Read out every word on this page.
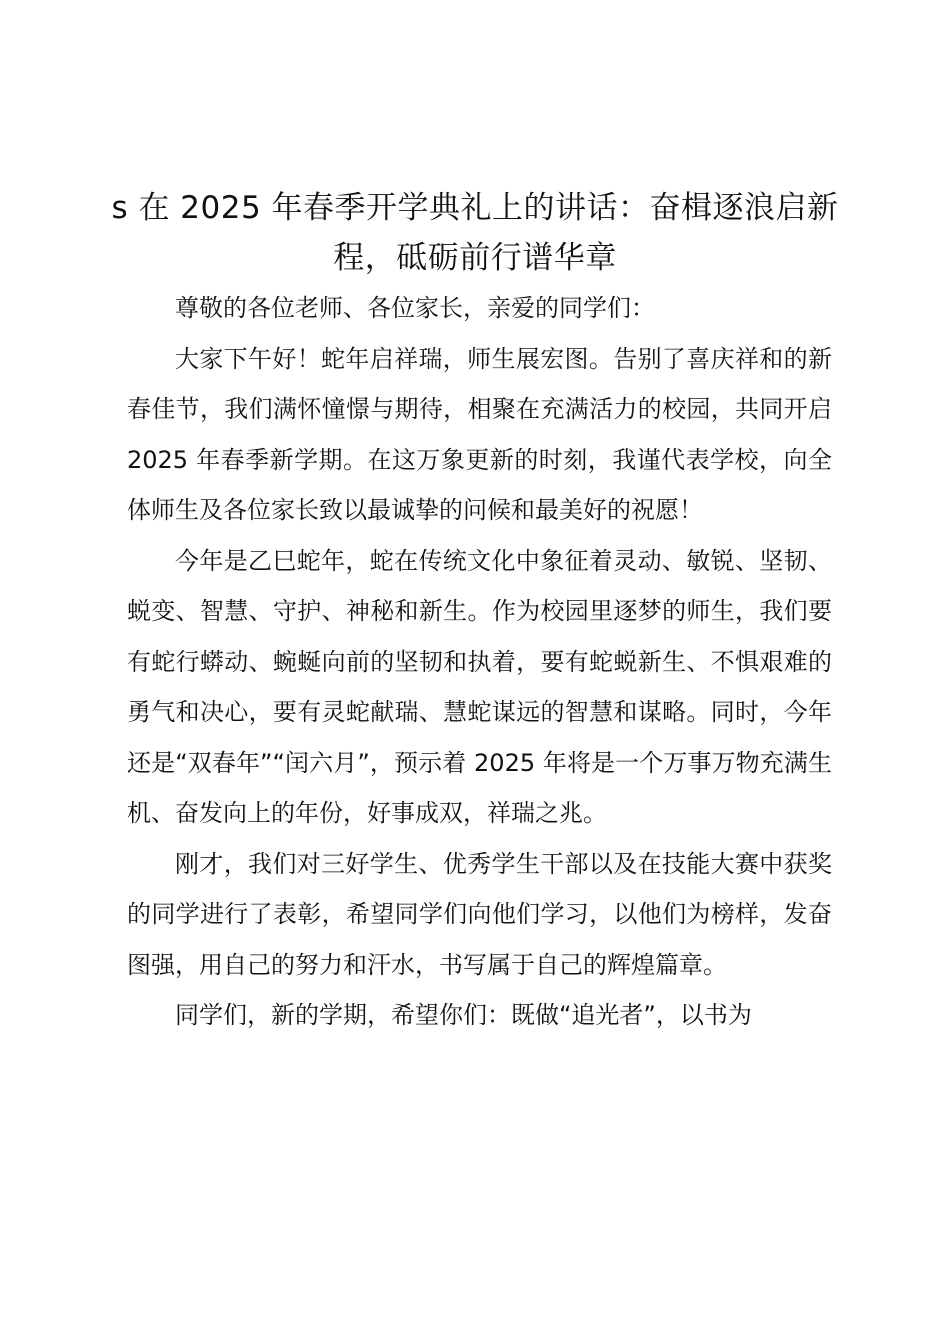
s 在 2025 年春季开学典礼上的讲话：奋楫逐浪启新程，砥砺前行谱华章

尊敬的各位老师、各位家长，亲爱的同学们：

大家下午好！蛇年启祥瑞，师生展宏图。告别了喜庆祥和的新春佳节，我们满怀憧憬与期待，相聚在充满活力的校园，共同开启 2025 年春季新学期。在这万象更新的时刻，我谨代表学校，向全体师生及各位家长致以最诚挚的问候和最美好的祝愿！

今年是乙巳蛇年，蛇在传统文化中象征着灵动、敏锐、坚韧、蜕变、智慧、守护、神秘和新生。作为校园里逐梦的师生，我们要有蛇行蟒动、蜿蜒向前的坚韧和执着，要有蛇蜕新生、不惧艰难的勇气和决心，要有灵蛇献瑞、慧蛇谋远的智慧和谋略。同时，今年还是“双春年”“闰六月”，预示着 2025 年将是一个万事万物充满生机、奋发向上的年份，好事成双，祥瑞之兆。

刚才，我们对三好学生、优秀学生干部以及在技能大赛中获奖的同学进行了表彰，希望同学们向他们学习，以他们为榜样，发奋图强，用自己的努力和汗水，书写属于自己的辉煌篇章。

同学们，新的学期，希望你们：既做“追光者”，以书为
